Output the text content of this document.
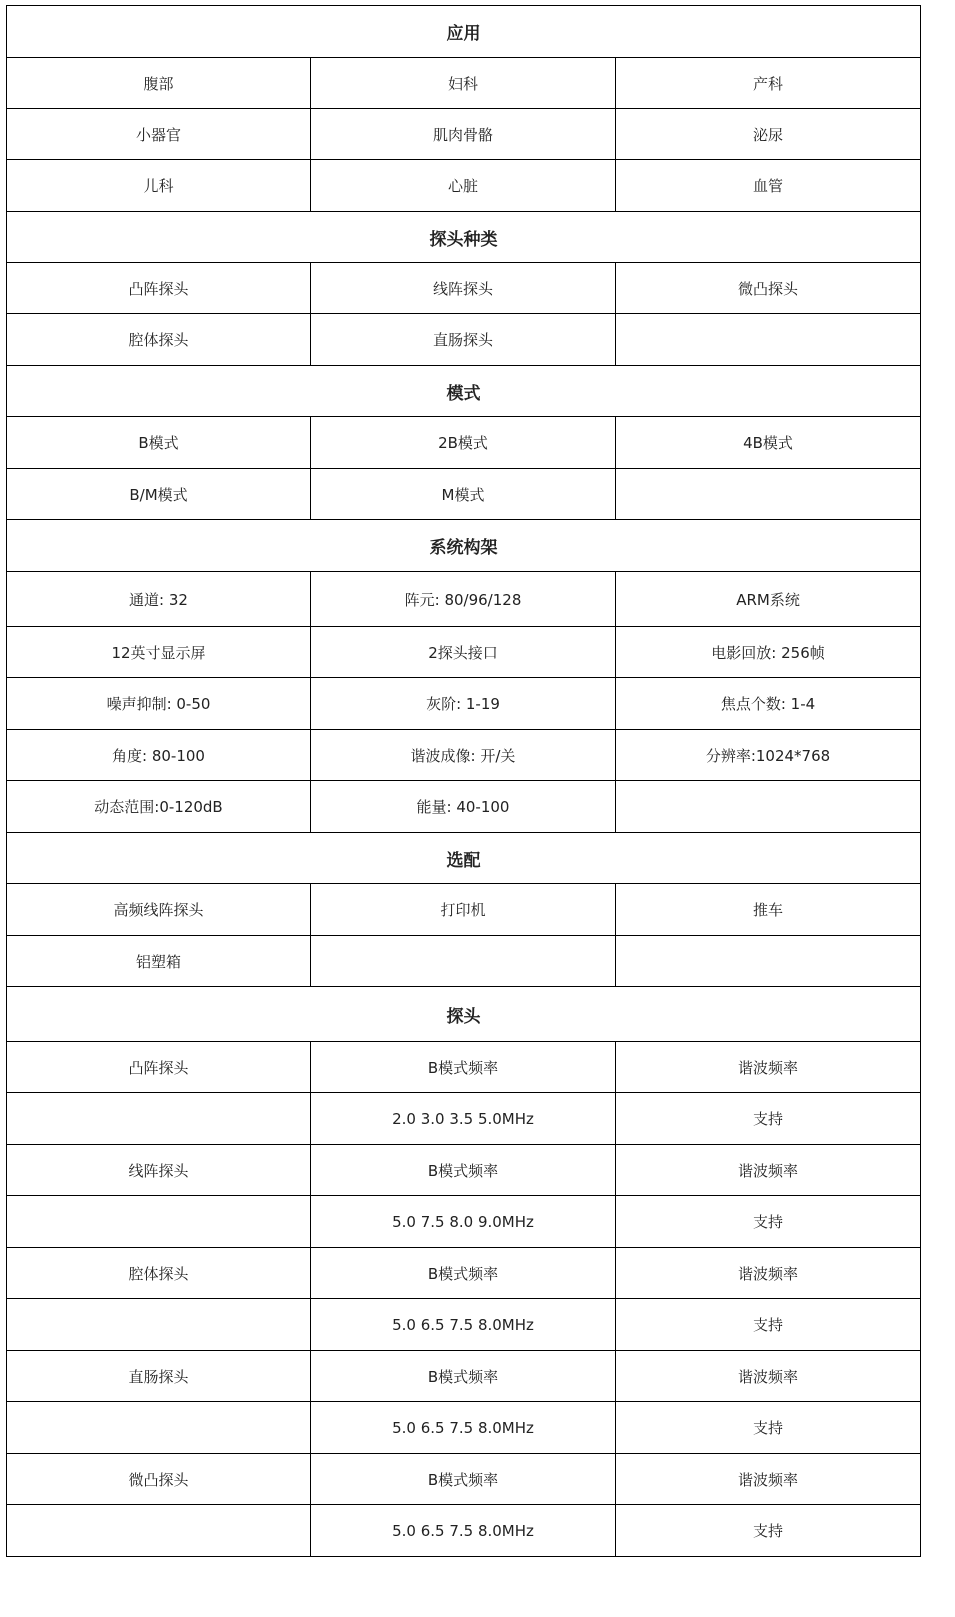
应用		
腹部	妇科	产科
小器官	肌肉骨骼	泌尿
儿科	心脏	血管
探头种类		
凸阵探头	线阵探头	微凸探头
腔体探头	直肠探头	
模式		
B模式	2B模式	4B模式
B/M模式	M模式	
系统构架		
通道: 32	阵元: 80/96/128	ARM系统
12英寸显示屏	2探头接口	电影回放: 256帧
噪声抑制: 0-50	灰阶: 1-19	焦点个数: 1-4
角度: 80-100	谐波成像: 开/关	分辨率:1024*768
动态范围:0-120dB	能量: 40-100	
选配		
高频线阵探头	打印机	推车
铝塑箱		
探头		
凸阵探头	B模式频率	谐波频率
	2.0 3.0 3.5 5.0MHz	支持
线阵探头	B模式频率	谐波频率
	5.0 7.5 8.0 9.0MHz	支持
腔体探头	B模式频率	谐波频率
	5.0 6.5 7.5 8.0MHz	支持
直肠探头	B模式频率	谐波频率
	5.0 6.5 7.5 8.0MHz	支持
微凸探头	B模式频率	谐波频率
	5.0 6.5 7.5 8.0MHz	支持
